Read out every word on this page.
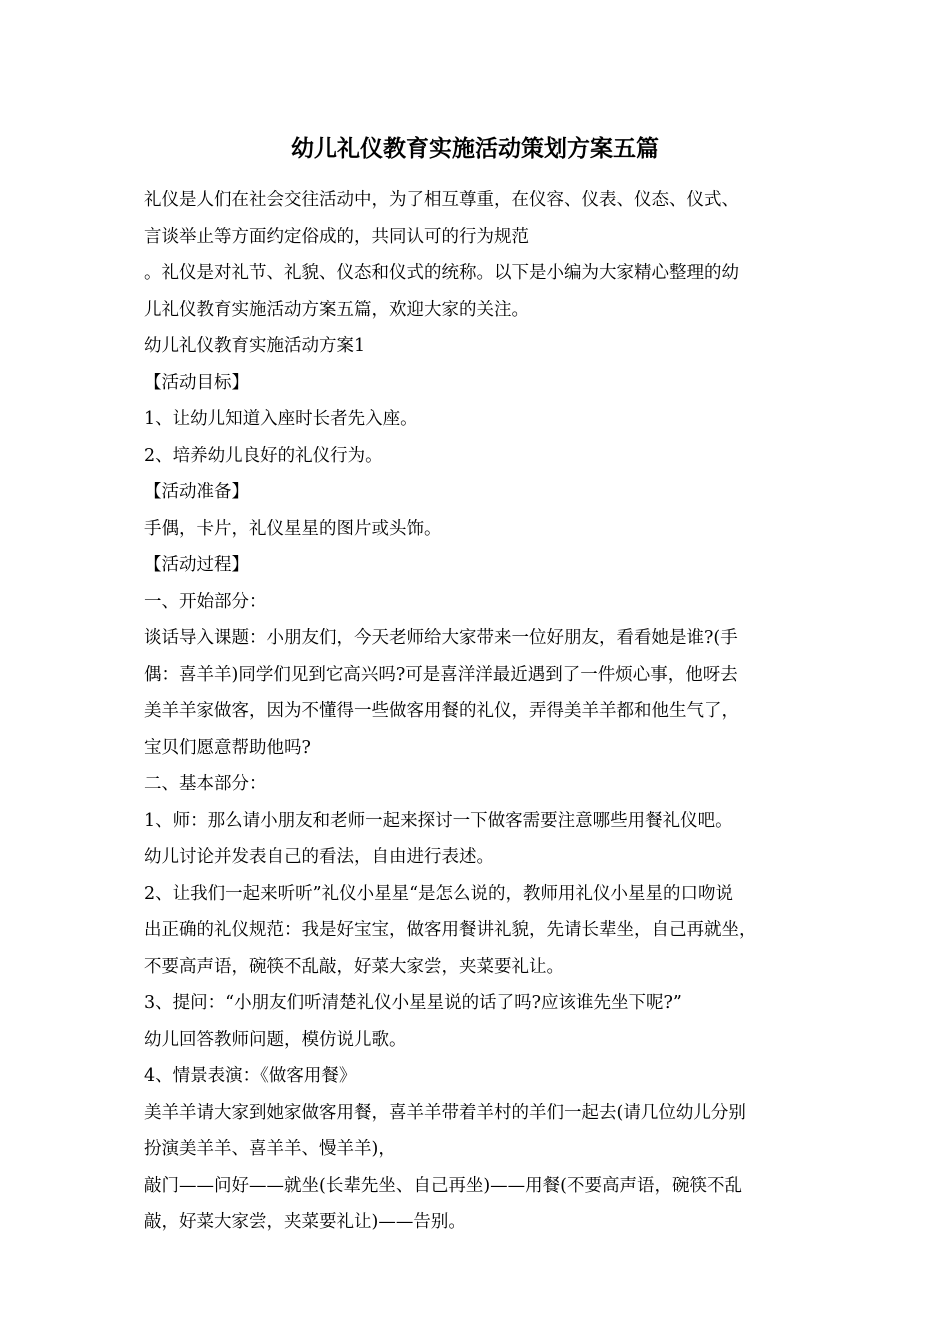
幼儿礼仪教育实施活动策划方案五篇
礼仪是人们在社会交往活动中，为了相互尊重，在仪容、仪表、仪态、仪式、
言谈举止等方面约定俗成的，共同认可的行为规范
。礼仪是对礼节、礼貌、仪态和仪式的统称。以下是小编为大家精心整理的幼
儿礼仪教育实施活动方案五篇，欢迎大家的关注。
幼儿礼仪教育实施活动方案1
【活动目标】
1、让幼儿知道入座时长者先入座。
2、培养幼儿良好的礼仪行为。
【活动准备】
手偶，卡片，礼仪星星的图片或头饰。
【活动过程】
一、开始部分：
谈话导入课题：小朋友们，今天老师给大家带来一位好朋友，看看她是谁?(手
偶：喜羊羊)同学们见到它高兴吗?可是喜洋洋最近遇到了一件烦心事，他呀去
美羊羊家做客，因为不懂得一些做客用餐的礼仪，弄得美羊羊都和他生气了，
宝贝们愿意帮助他吗?
二、基本部分：
1、师：那么请小朋友和老师一起来探讨一下做客需要注意哪些用餐礼仪吧。
幼儿讨论并发表自己的看法，自由进行表述。
2、让我们一起来听听”礼仪小星星“是怎么说的，教师用礼仪小星星的口吻说
出正确的礼仪规范：我是好宝宝，做客用餐讲礼貌，先请长辈坐，自己再就坐，
不要高声语，碗筷不乱敲，好菜大家尝，夹菜要礼让。
3、提问：“小朋友们听清楚礼仪小星星说的话了吗?应该谁先坐下呢?”
幼儿回答教师问题，模仿说儿歌。
4、情景表演：《做客用餐》
美羊羊请大家到她家做客用餐，喜羊羊带着羊村的羊们一起去(请几位幼儿分别
扮演美羊羊、喜羊羊、慢羊羊)，
敲门——问好——就坐(长辈先坐、自己再坐)——用餐(不要高声语，碗筷不乱
敲，好菜大家尝，夹菜要礼让)——告别。
